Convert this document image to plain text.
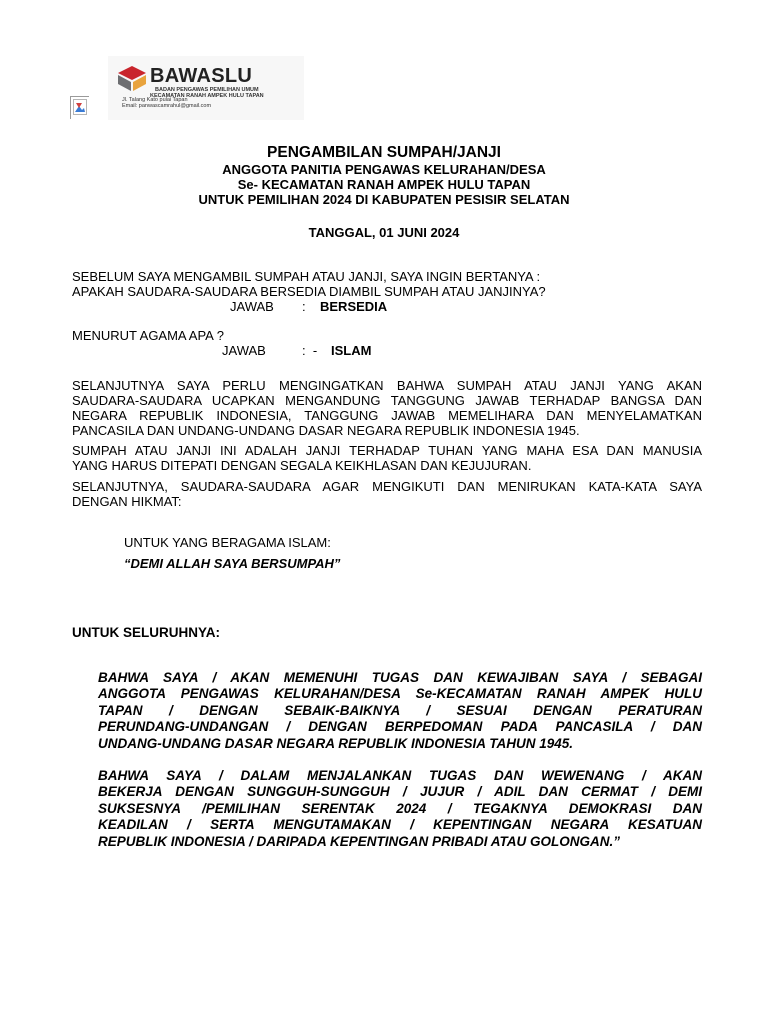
BAWASLU
BADAN PENGAWAS PEMILIHAN UMUM
KECAMATAN RANAH AMPEK HULU TAPAN
Jl. Talang Kato pulai Tapan
Email: panwascamrahul@gmail.com
PENGAMBILAN SUMPAH/JANJI
ANGGOTA PANITIA PENGAWAS KELURAHAN/DESA
Se- KECAMATAN RANAH AMPEK HULU TAPAN
UNTUK PEMILIHAN 2024 DI KABUPATEN PESISIR SELATAN
TANGGAL, 01 JUNI 2024
SEBELUM SAYA MENGAMBIL SUMPAH ATAU JANJI, SAYA INGIN BERTANYA :
APAKAH SAUDARA-SAUDARA BERSEDIA DIAMBIL SUMPAH ATAU JANJINYA?
JAWAB : BERSEDIA
MENURUT AGAMA APA ?
JAWAB	:  - ISLAM
SELANJUTNYA SAYA PERLU MENGINGATKAN BAHWA SUMPAH ATAU JANJI YANG AKAN
SAUDARA-SAUDARA UCAPKAN MENGANDUNG TANGGUNG JAWAB TERHADAP BANGSA DAN
NEGARA REPUBLIK INDONESIA, TANGGUNG JAWAB MEMELIHARA DAN MENYELAMATKAN
PANCASILA DAN UNDANG-UNDANG DASAR NEGARA REPUBLIK INDONESIA 1945.
SUMPAH ATAU JANJI INI ADALAH JANJI TERHADAP TUHAN YANG MAHA ESA DAN MANUSIA
YANG HARUS DITEPATI DENGAN SEGALA KEIKHLASAN DAN KEJUJURAN.
SELANJUTNYA, SAUDARA-SAUDARA AGAR MENGIKUTI DAN MENIRUKAN KATA-KATA SAYA
DENGAN HIKMAT:
UNTUK YANG BERAGAMA ISLAM:
“DEMI ALLAH SAYA BERSUMPAH”
UNTUK SELURUHNYA:
BAHWA SAYA / AKAN MEMENUHI TUGAS DAN KEWAJIBAN SAYA / SEBAGAI
ANGGOTA PENGAWAS KELURAHAN/DESA Se-KECAMATAN RANAH AMPEK HULU
TAPAN / DENGAN SEBAIK-BAIKNYA / SESUAI DENGAN PERATURAN
PERUNDANG-UNDANGAN / DENGAN BERPEDOMAN PADA PANCASILA / DAN
UNDANG-UNDANG DASAR NEGARA REPUBLIK INDONESIA TAHUN 1945.
BAHWA SAYA / DALAM MENJALANKAN TUGAS DAN WEWENANG / AKAN
BEKERJA DENGAN SUNGGUH-SUNGGUH / JUJUR / ADIL DAN CERMAT / DEMI
SUKSESNYA /PEMILIHAN SERENTAK 2024 / TEGAKNYA DEMOKRASI DAN
KEADILAN / SERTA MENGUTAMAKAN / KEPENTINGAN NEGARA KESATUAN
REPUBLIK INDONESIA / DARIPADA KEPENTINGAN PRIBADI ATAU GOLONGAN.”
